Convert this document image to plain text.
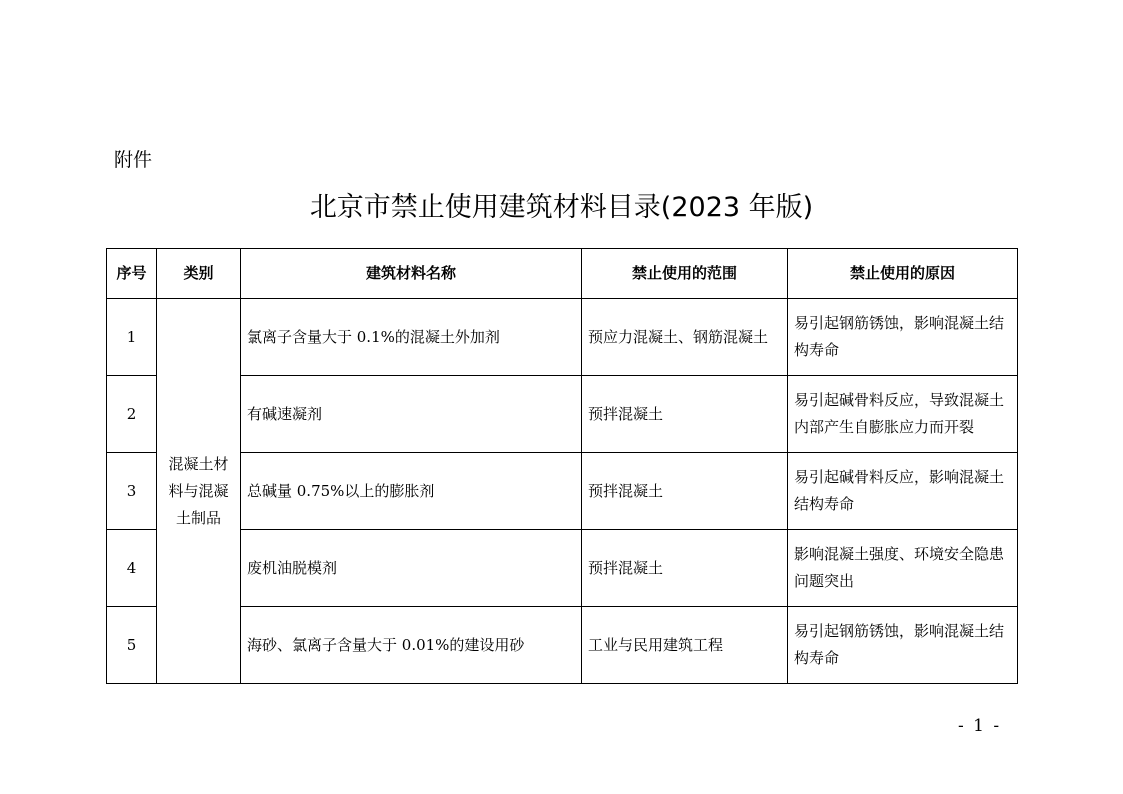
附件
北京市禁止使用建筑材料目录(2023 年版)
序号	类别	建筑材料名称	禁止使用的范围	禁止使用的原因
1	混凝土材料与混凝土制品	氯离子含量大于 0.1%的混凝土外加剂	预应力混凝土、钢筋混凝土	易引起钢筋锈蚀，影响混凝土结构寿命
2		有碱速凝剂	预拌混凝土	易引起碱骨料反应，导致混凝土内部产生自膨胀应力而开裂
3		总碱量 0.75%以上的膨胀剂	预拌混凝土	易引起碱骨料反应，影响混凝土结构寿命
4		废机油脱模剂	预拌混凝土	影响混凝土强度、环境安全隐患问题突出
5		海砂、氯离子含量大于 0.01%的建设用砂	工业与民用建筑工程	易引起钢筋锈蚀，影响混凝土结构寿命
- 1 -
